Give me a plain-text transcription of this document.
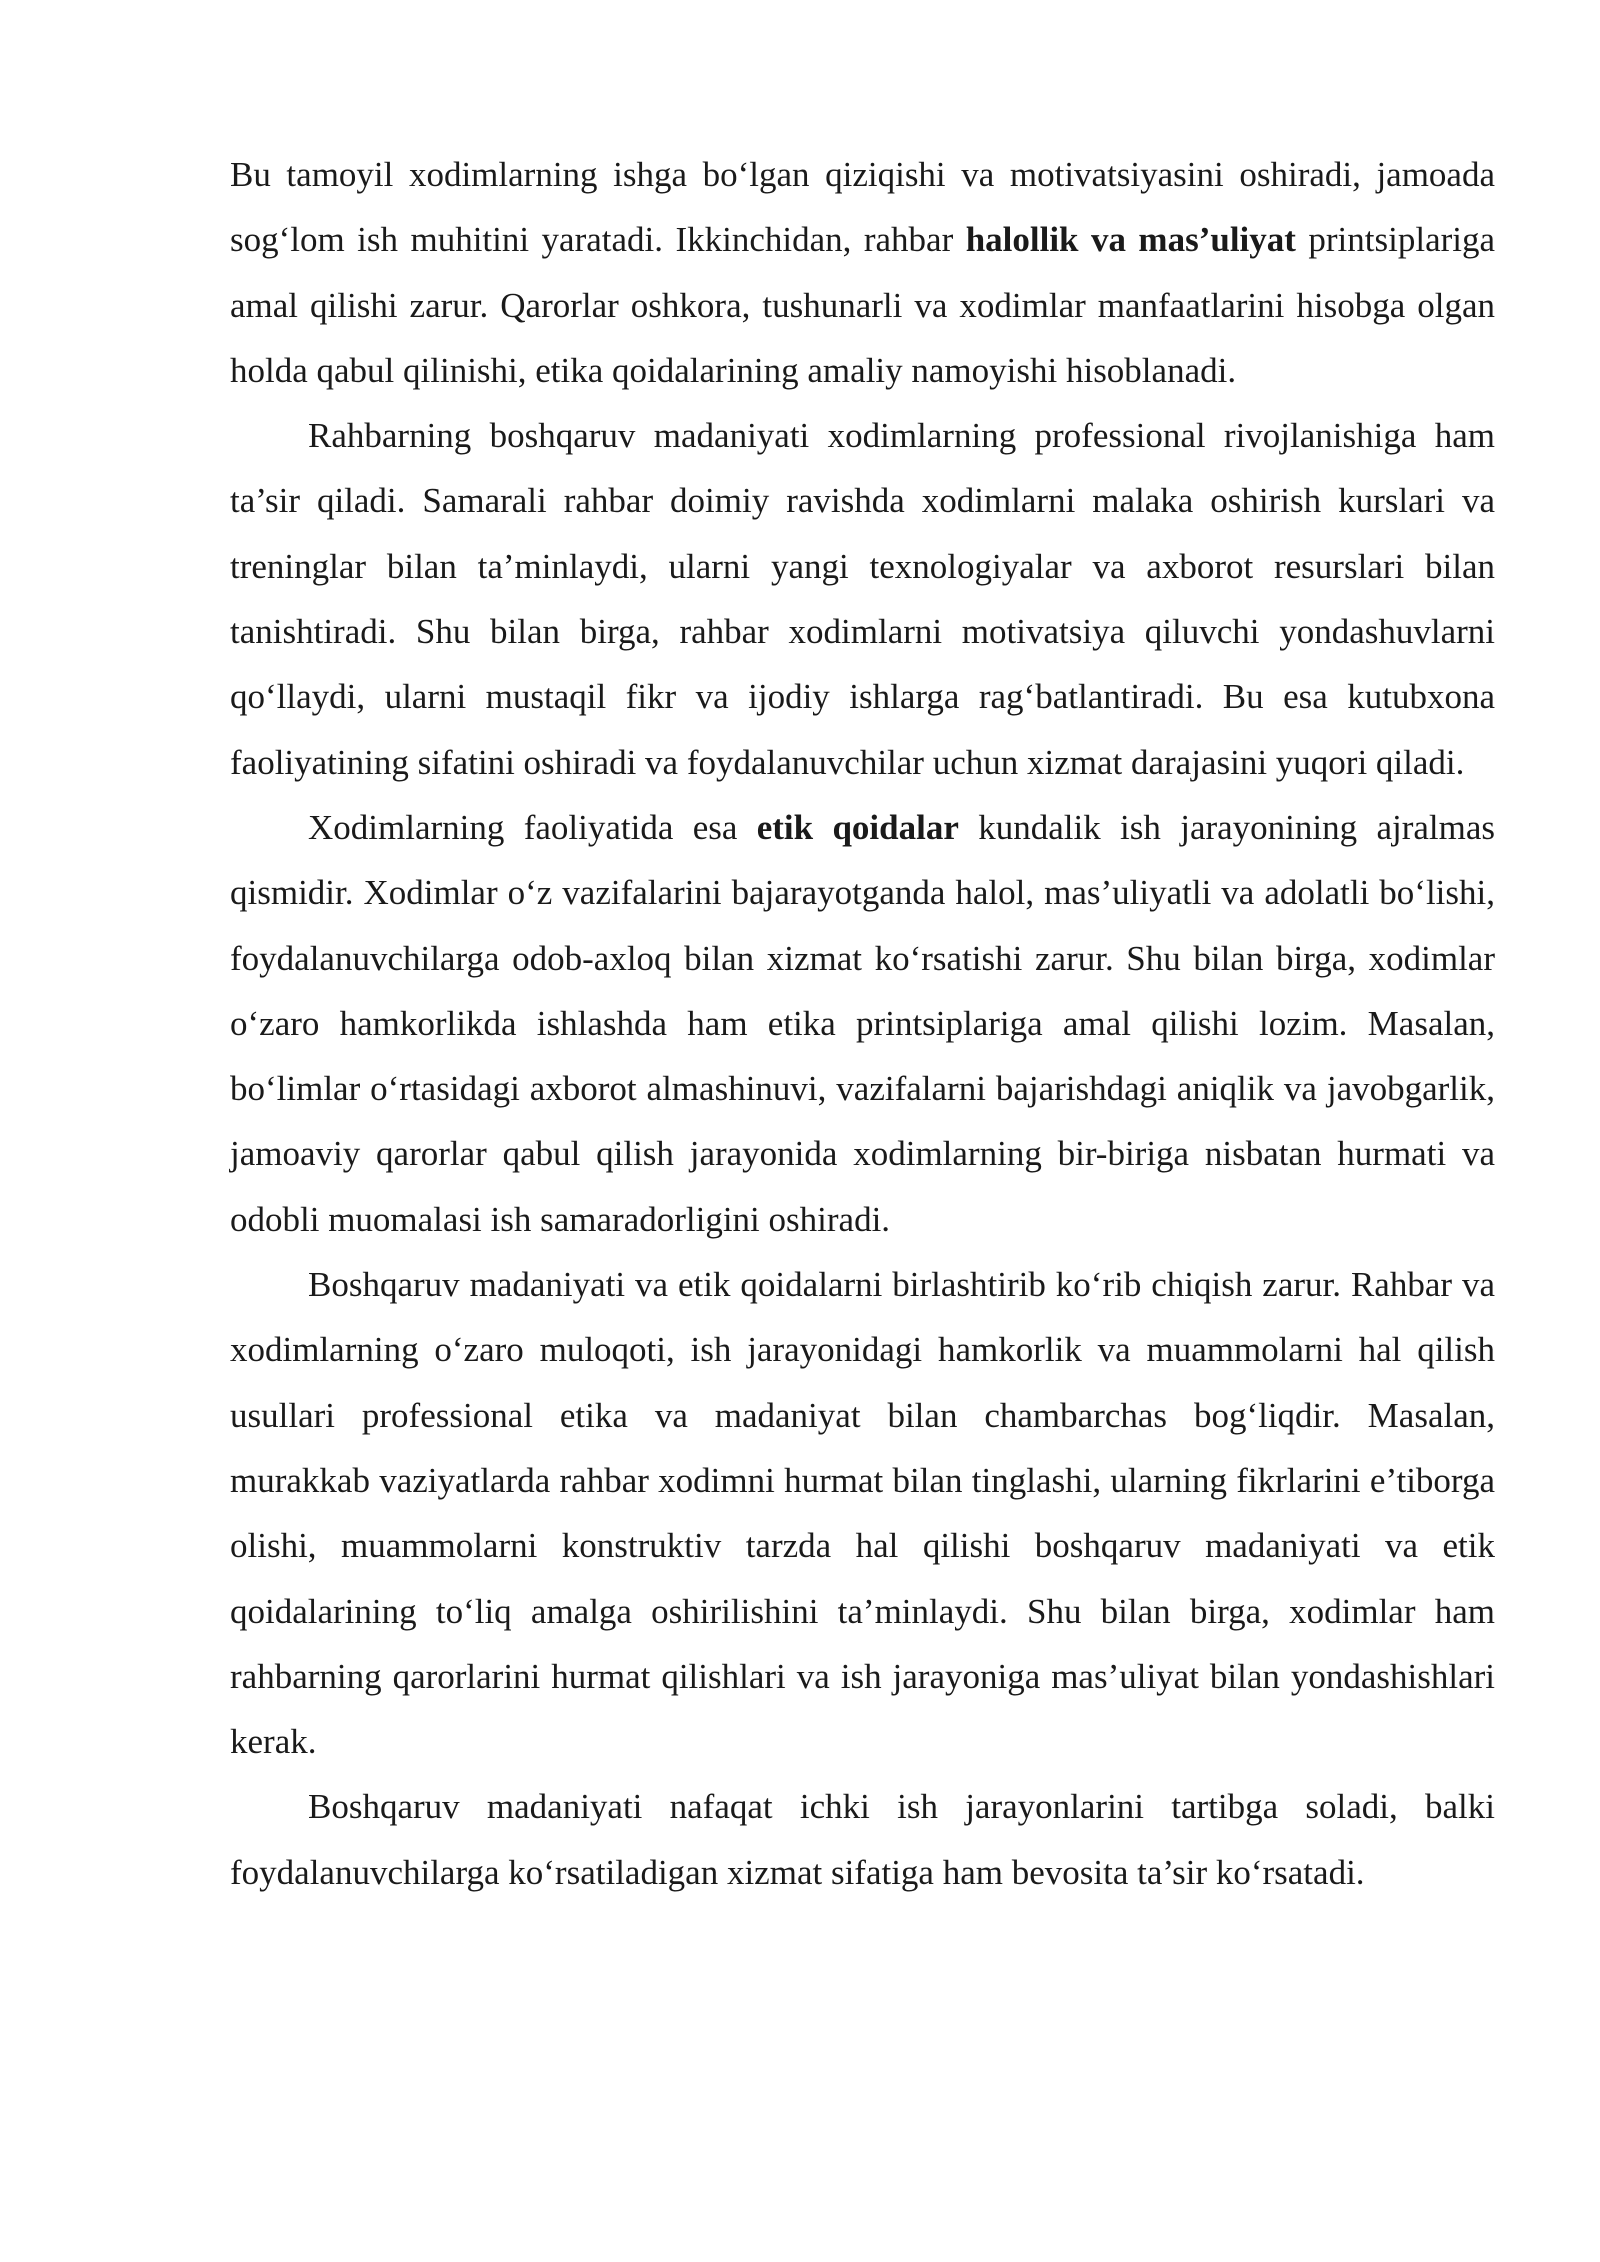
Bu tamoyil xodimlarning ishga bo‘lgan qiziqishi va motivatsiyasini oshiradi, jamoada sog‘lom ish muhitini yaratadi. Ikkinchidan, rahbar halollik va mas’uliyat printsiplariga amal qilishi zarur. Qarorlar oshkora, tushunarli va xodimlar manfaatlarini hisobga olgan holda qabul qilinishi, etika qoidalarining amaliy namoyishi hisoblanadi.

Rahbarning boshqaruv madaniyati xodimlarning professional rivojlanishiga ham ta’sir qiladi. Samarali rahbar doimiy ravishda xodimlarni malaka oshirish kurslari va treninglar bilan ta’minlaydi, ularni yangi texnologiyalar va axborot resurslari bilan tanishtiradi. Shu bilan birga, rahbar xodimlarni motivatsiya qiluvchi yondashuvlarni qo‘llaydi, ularni mustaqil fikr va ijodiy ishlarga rag‘batlantiradi. Bu esa kutubxona faoliyatining sifatini oshiradi va foydalanuvchilar uchun xizmat darajasini yuqori qiladi.

Xodimlarning faoliyatida esa etik qoidalar kundalik ish jarayonining ajralmas qismidir. Xodimlar o‘z vazifalarini bajarayotganda halol, mas’uliyatli va adolatli bo‘lishi, foydalanuvchilarga odob-axloq bilan xizmat ko‘rsatishi zarur. Shu bilan birga, xodimlar o‘zaro hamkorlikda ishlashda ham etika printsiplariga amal qilishi lozim. Masalan, bo‘limlar o‘rtasidagi axborot almashinuvi, vazifalarni bajarishdagi aniqlik va javobgarlik, jamoaviy qarorlar qabul qilish jarayonida xodimlarning bir-biriga nisbatan hurmati va odobli muomalasi ish samaradorligini oshiradi.

Boshqaruv madaniyati va etik qoidalarni birlashtirib ko‘rib chiqish zarur. Rahbar va xodimlarning o‘zaro muloqoti, ish jarayonidagi hamkorlik va muammolarni hal qilish usullari professional etika va madaniyat bilan chambarchas bog‘liqdir. Masalan, murakkab vaziyatlarda rahbar xodimni hurmat bilan tinglashi, ularning fikrlarini e’tiborga olishi, muammolarni konstruktiv tarzda hal qilishi boshqaruv madaniyati va etik qoidalarining to‘liq amalga oshirilishini ta’minlaydi. Shu bilan birga, xodimlar ham rahbarning qarorlarini hurmat qilishlari va ish jarayoniga mas’uliyat bilan yondashishlari kerak.

Boshqaruv madaniyati nafaqat ichki ish jarayonlarini tartibga soladi, balki foydalanuvchilarga ko‘rsatiladigan xizmat sifatiga ham bevosita ta’sir ko‘rsatadi.
